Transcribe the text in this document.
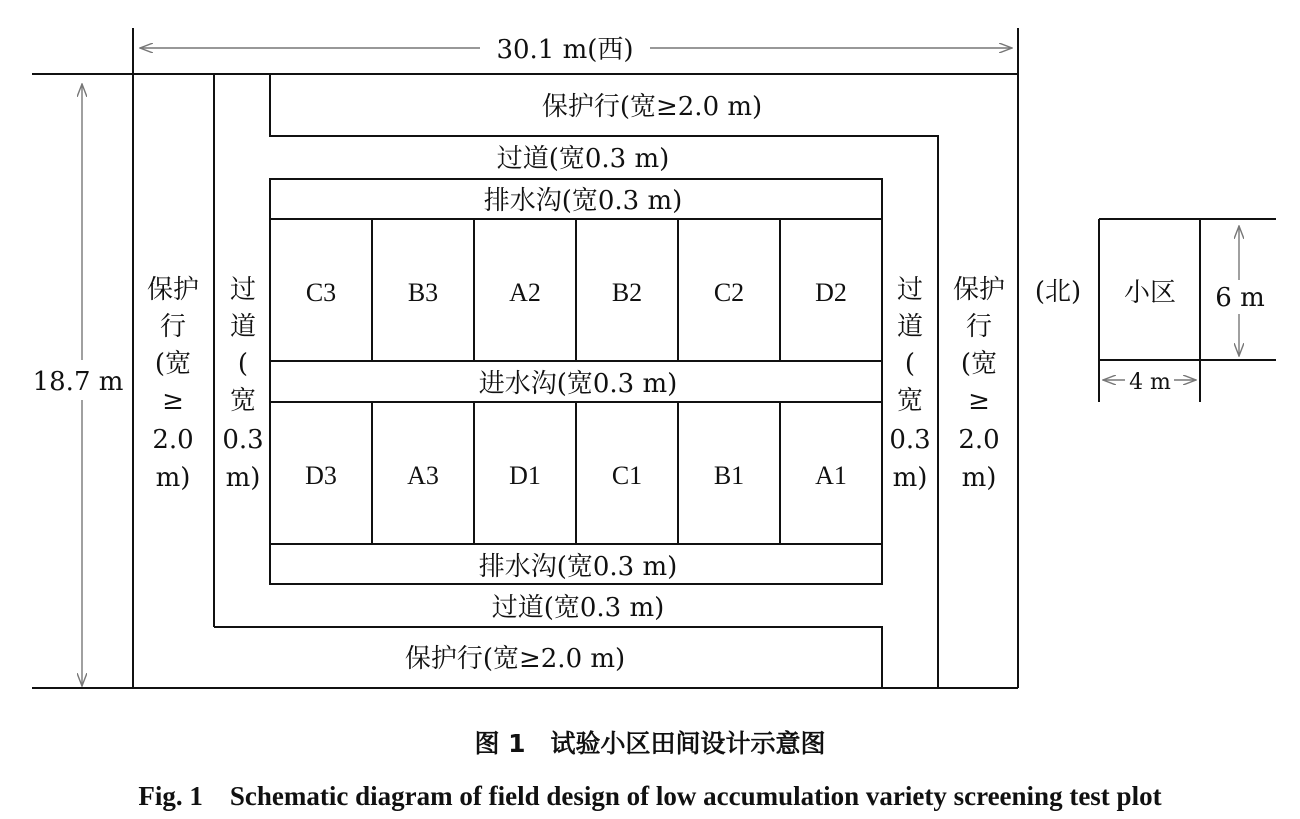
30.1 m(西)
18.7 m
(北)
保护行(宽≥2.0 m)
过道(宽0.3 m)
排水沟(宽0.3 m)
进水沟(宽0.3 m)
排水沟(宽0.3 m)
过道(宽0.3 m)
保护行(宽≥2.0 m)
保护
行
(宽
≥
2.0
m)
过
道
(
宽
0.3
m)
过
道
(
宽
0.3
m)
保护
行
(宽
≥
2.0
m)
C3	B3	A2	B2	C2	D2
D3	A3	D1	C1	B1	A1
小区 6 m
4 m
图 1　试验小区田间设计示意图
Fig. 1　Schematic diagram of field design of low accumulation variety screening test plot
